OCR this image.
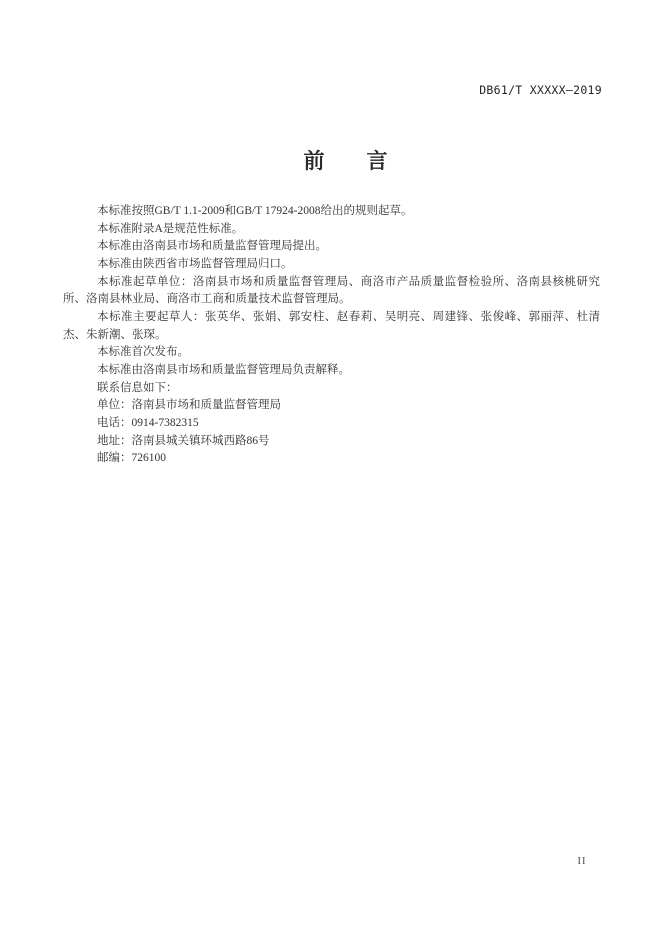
DB61/T XXXXX—2019
前　　言

本标准按照GB/T 1.1-2009和GB/T 17924-2008给出的规则起草。

本标准附录A是规范性标准。

本标准由洛南县市场和质量监督管理局提出。

本标准由陕西省市场监督管理局归口。

本标准起草单位：洛南县市场和质量监督管理局、商洛市产品质量监督检验所、洛南县核桃研究所、洛南县林业局、商洛市工商和质量技术监督管理局。

本标准主要起草人：张英华、张娟、郭安柱、赵春莉、吴明亮、周建锋、张俊峰、郭丽萍、杜清杰、朱新潮、张琛。

本标准首次发布。

本标准由洛南县市场和质量监督管理局负责解释。

联系信息如下：

单位：洛南县市场和质量监督管理局

电话：0914-7382315

地址：洛南县城关镇环城西路86号

邮编：726100

II
